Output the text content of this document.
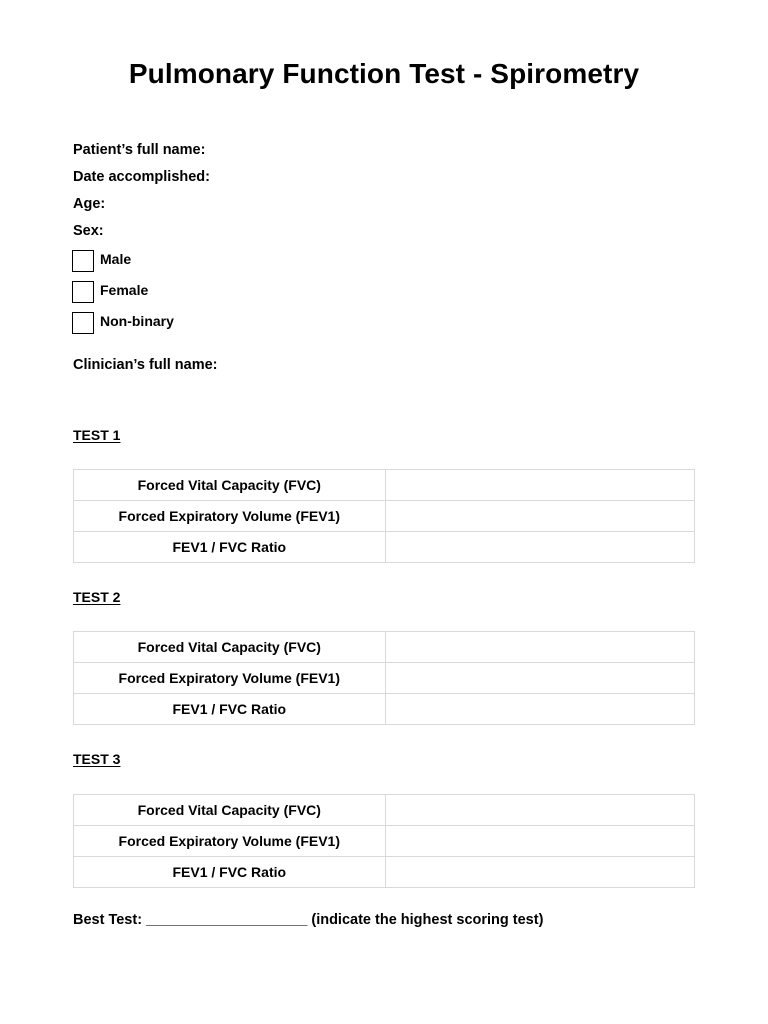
Pulmonary Function Test - Spirometry
Patient’s full name:
Date accomplished:
Age:
Sex:
Male
Female
Non-binary
Clinician’s full name:
TEST 1
Forced Vital Capacity (FVC)	
Forced Expiratory Volume (FEV1)	
FEV1 / FVC Ratio	
TEST 2
Forced Vital Capacity (FVC)	
Forced Expiratory Volume (FEV1)	
FEV1 / FVC Ratio	
TEST 3
Forced Vital Capacity (FVC)	
Forced Expiratory Volume (FEV1)	
FEV1 / FVC Ratio	
Best Test: ____________________ (indicate the highest scoring test)
